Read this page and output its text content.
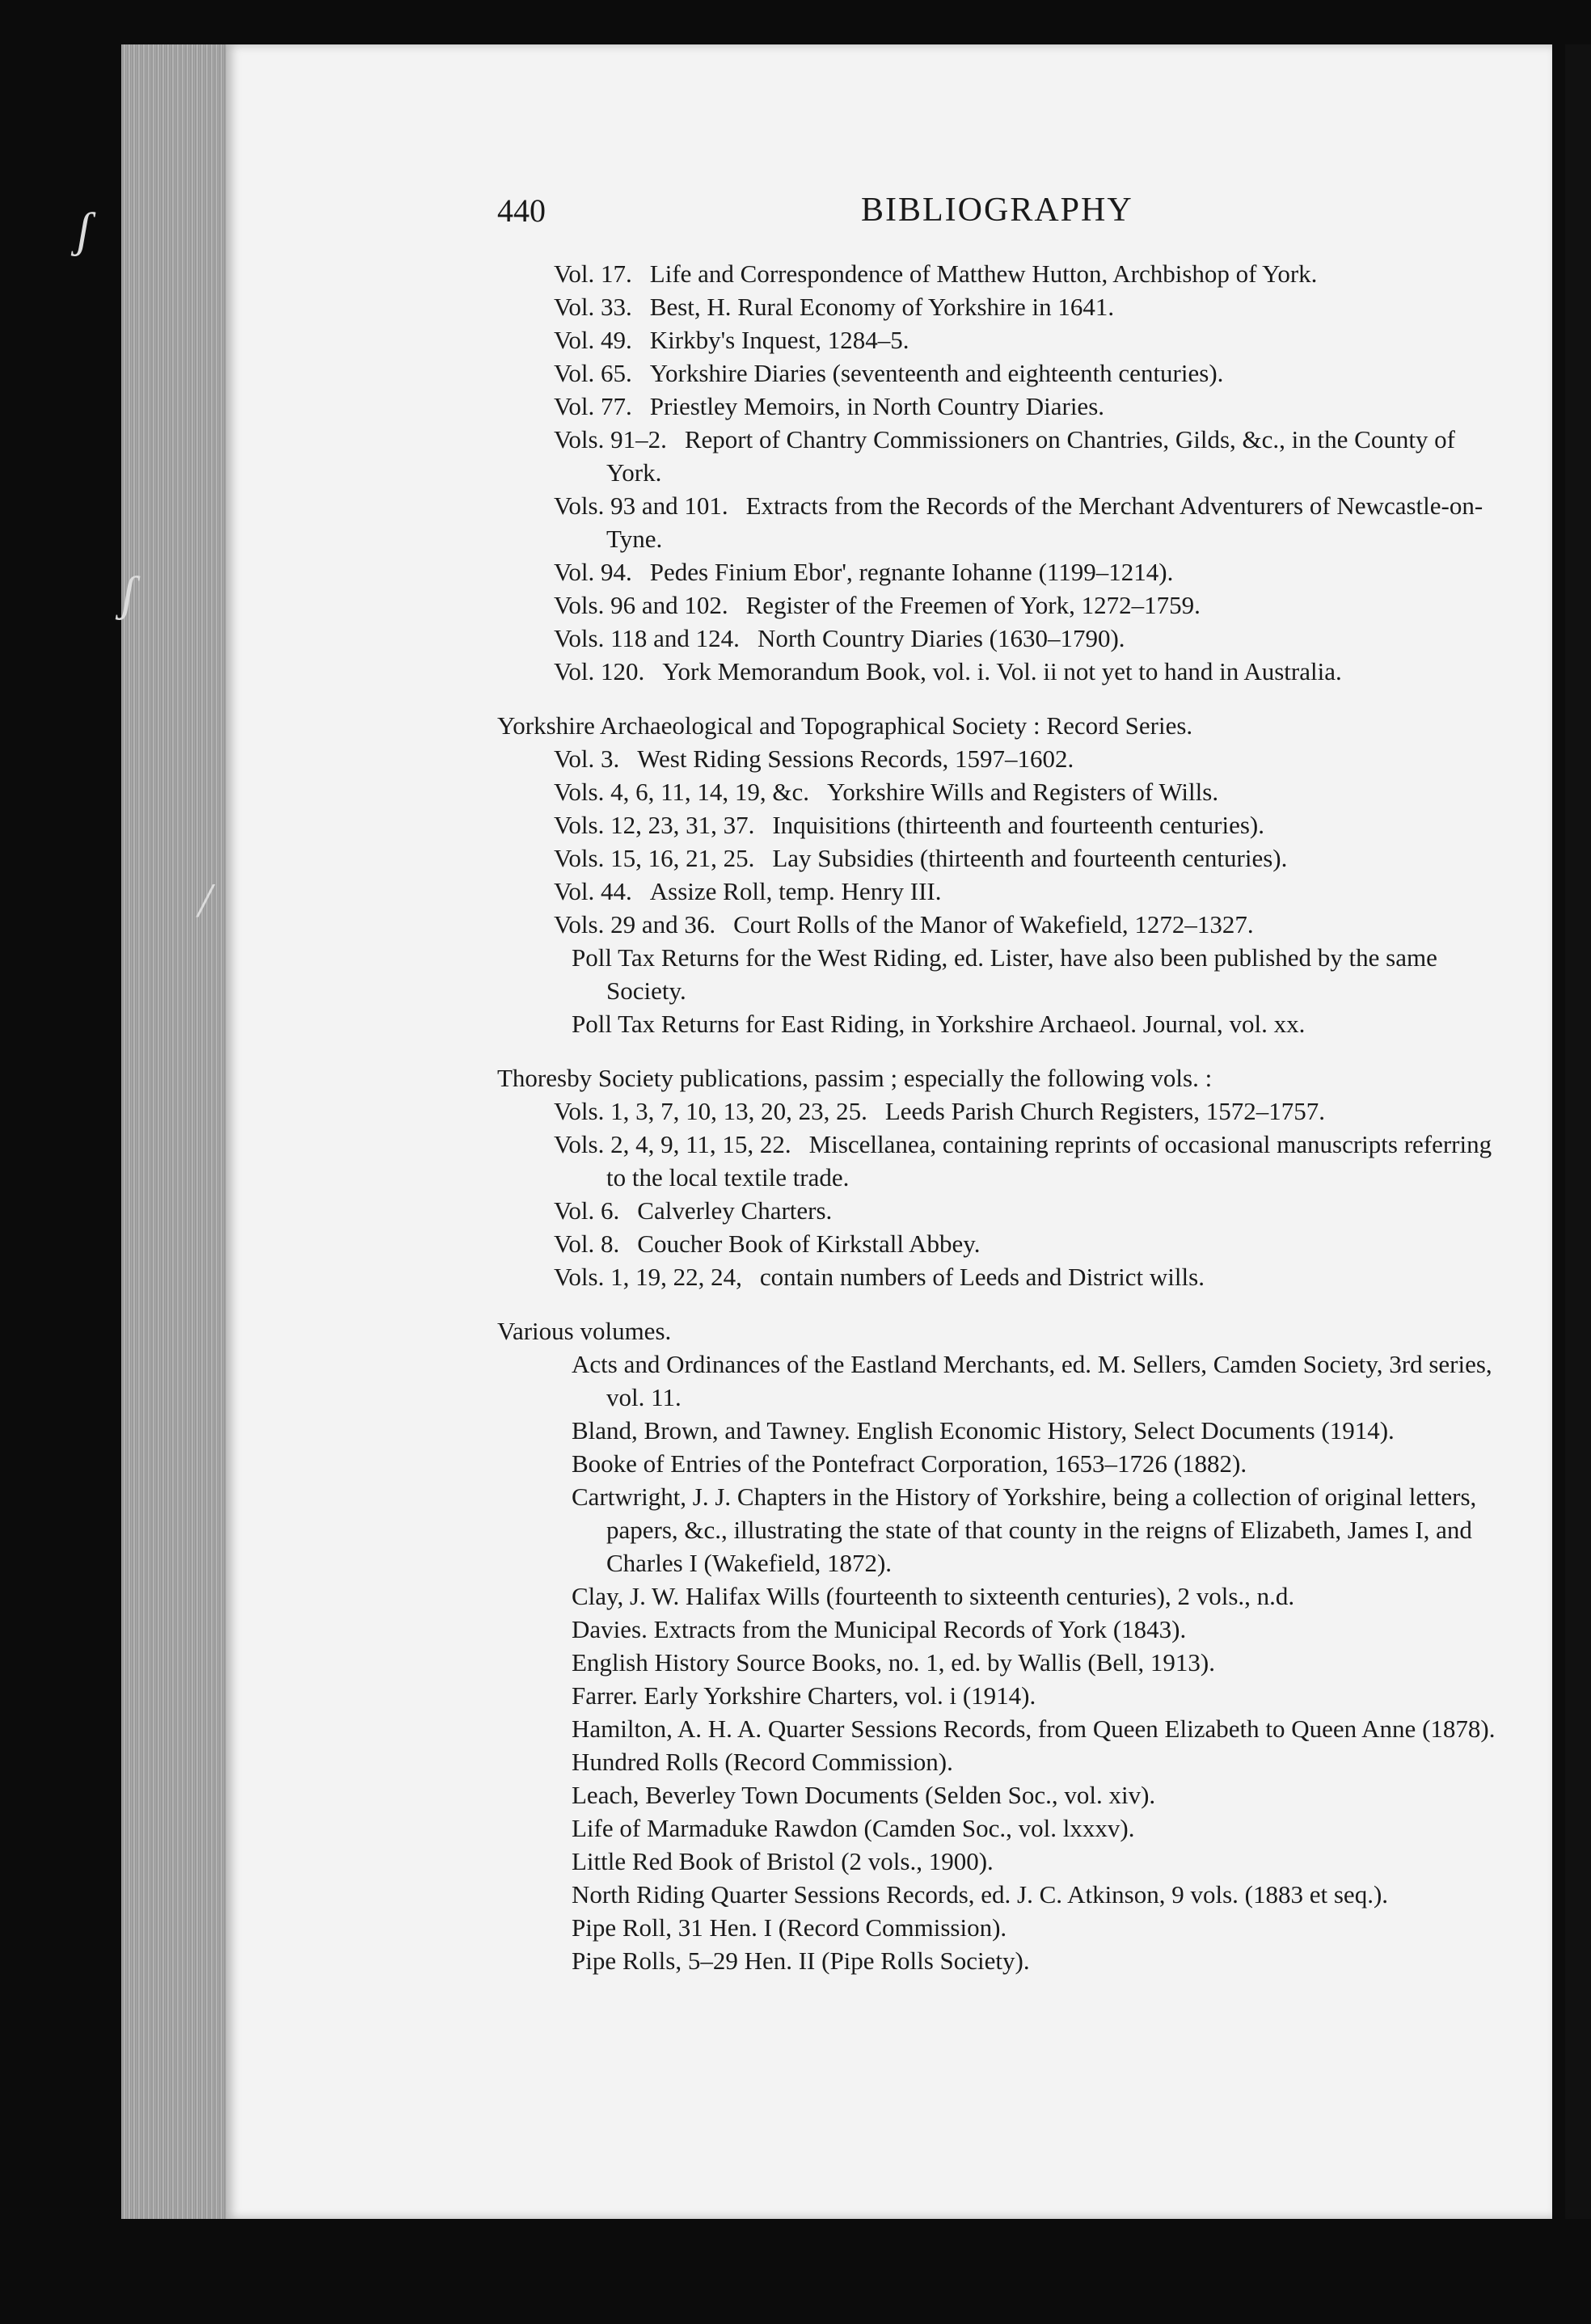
ʃ
ʃ
/
440	BIBLIOGRAPHY
Vol. 17. Life and Correspondence of Matthew Hutton, Archbishop of York.
Vol. 33. Best, H. Rural Economy of Yorkshire in 1641.
Vol. 49. Kirkby's Inquest, 1284–5.
Vol. 65. Yorkshire Diaries (seventeenth and eighteenth centuries).
Vol. 77. Priestley Memoirs, in North Country Diaries.
Vols. 91–2. Report of Chantry Commissioners on Chantries, Gilds, &c., in the County of York.
Vols. 93 and 101. Extracts from the Records of the Merchant Adventurers of Newcastle-on-Tyne.
Vol. 94. Pedes Finium Ebor', regnante Iohanne (1199–1214).
Vols. 96 and 102. Register of the Freemen of York, 1272–1759.
Vols. 118 and 124. North Country Diaries (1630–1790).
Vol. 120. York Memorandum Book, vol. i. Vol. ii not yet to hand in Australia.
Yorkshire Archaeological and Topographical Society : Record Series.
Vol. 3. West Riding Sessions Records, 1597–1602.
Vols. 4, 6, 11, 14, 19, &c. Yorkshire Wills and Registers of Wills.
Vols. 12, 23, 31, 37. Inquisitions (thirteenth and fourteenth centuries).
Vols. 15, 16, 21, 25. Lay Subsidies (thirteenth and fourteenth centuries).
Vol. 44. Assize Roll, temp. Henry III.
Vols. 29 and 36. Court Rolls of the Manor of Wakefield, 1272–1327.
Poll Tax Returns for the West Riding, ed. Lister, have also been published by the same Society.
Poll Tax Returns for East Riding, in Yorkshire Archaeol. Journal, vol. xx.
Thoresby Society publications, passim ; especially the following vols. :
Vols. 1, 3, 7, 10, 13, 20, 23, 25. Leeds Parish Church Registers, 1572–1757.
Vols. 2, 4, 9, 11, 15, 22. Miscellanea, containing reprints of occasional manuscripts referring to the local textile trade.
Vol. 6. Calverley Charters.
Vol. 8. Coucher Book of Kirkstall Abbey.
Vols. 1, 19, 22, 24, contain numbers of Leeds and District wills.
Various volumes.
Acts and Ordinances of the Eastland Merchants, ed. M. Sellers, Camden Society, 3rd series, vol. 11.
Bland, Brown, and Tawney. English Economic History, Select Documents (1914).
Booke of Entries of the Pontefract Corporation, 1653–1726 (1882).
Cartwright, J. J. Chapters in the History of Yorkshire, being a collection of original letters, papers, &c., illustrating the state of that county in the reigns of Elizabeth, James I, and Charles I (Wakefield, 1872).
Clay, J. W. Halifax Wills (fourteenth to sixteenth centuries), 2 vols., n.d.
Davies. Extracts from the Municipal Records of York (1843).
English History Source Books, no. 1, ed. by Wallis (Bell, 1913).
Farrer. Early Yorkshire Charters, vol. i (1914).
Hamilton, A. H. A. Quarter Sessions Records, from Queen Elizabeth to Queen Anne (1878).
Hundred Rolls (Record Commission).
Leach, Beverley Town Documents (Selden Soc., vol. xiv).
Life of Marmaduke Rawdon (Camden Soc., vol. lxxxv).
Little Red Book of Bristol (2 vols., 1900).
North Riding Quarter Sessions Records, ed. J. C. Atkinson, 9 vols. (1883 et seq.).
Pipe Roll, 31 Hen. I (Record Commission).
Pipe Rolls, 5–29 Hen. II (Pipe Rolls Society).
